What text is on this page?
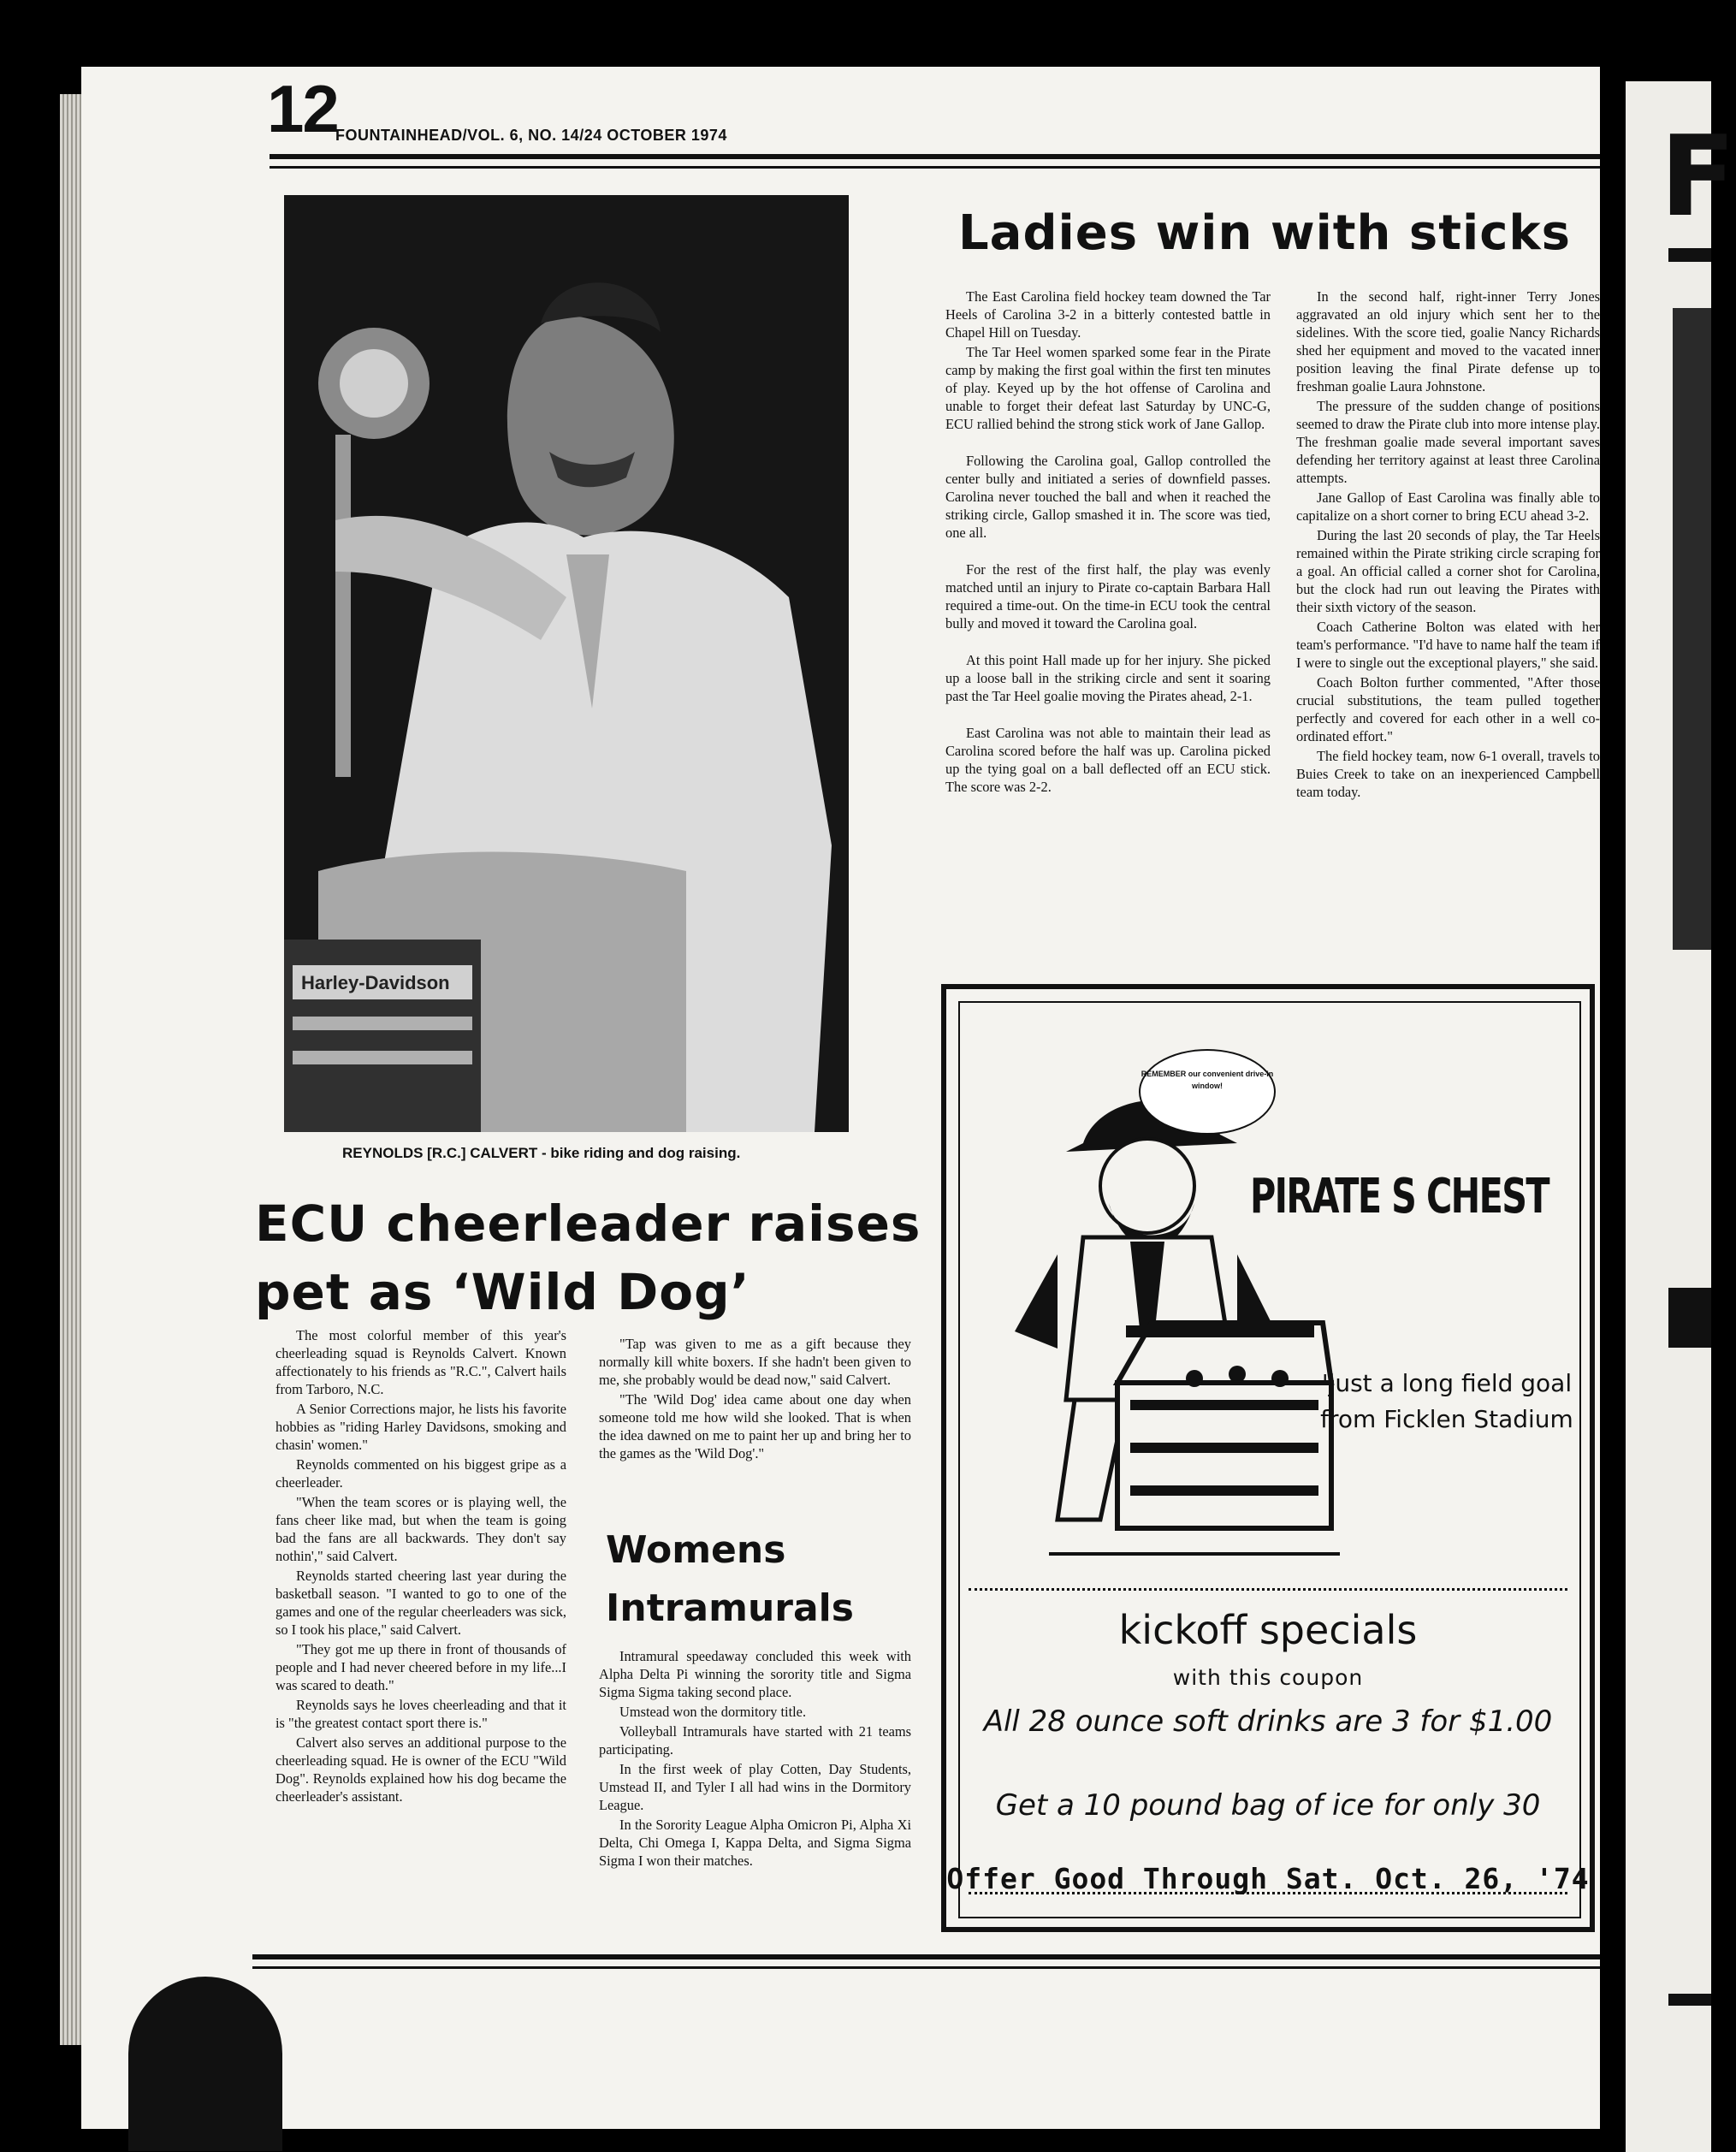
F
12
FOUNTAINHEAD/VOL. 6, NO. 14/24 OCTOBER 1974
Harley-Davidson
REYNOLDS [R.C.] CALVERT - bike riding and dog raising.
Ladies win with sticks

The East Carolina field hockey team downed the Tar Heels of Carolina 3-2 in a bitterly contested battle in Chapel Hill on Tuesday.

The Tar Heel women sparked some fear in the Pirate camp by making the first goal within the first ten minutes of play. Keyed up by the hot offense of Carolina and unable to forget their defeat last Saturday by UNC-G, ECU rallied behind the strong stick work of Jane Gallop.

Following the Carolina goal, Gallop controlled the center bully and initiated a series of downfield passes. Carolina never touched the ball and when it reached the striking circle, Gallop smashed it in. The score was tied, one all.

For the rest of the first half, the play was evenly matched until an injury to Pirate co-captain Barbara Hall required a time-out. On the time-in ECU took the central bully and moved it toward the Carolina goal.

At this point Hall made up for her injury. She picked up a loose ball in the striking circle and sent it soaring past the Tar Heel goalie moving the Pirates ahead, 2-1.

East Carolina was not able to maintain their lead as Carolina scored before the half was up. Carolina picked up the tying goal on a ball deflected off an ECU stick. The score was 2-2.

In the second half, right-inner Terry Jones aggravated an old injury which sent her to the sidelines. With the score tied, goalie Nancy Richards shed her equipment and moved to the vacated inner position leaving the final Pirate defense up to freshman goalie Laura Johnstone.

The pressure of the sudden change of positions seemed to draw the Pirate club into more intense play. The freshman goalie made several important saves defending her territory against at least three Carolina attempts.

Jane Gallop of East Carolina was finally able to capitalize on a short corner to bring ECU ahead 3-2.

During the last 20 seconds of play, the Tar Heels remained within the Pirate striking circle scraping for a goal. An official called a corner shot for Carolina, but the clock had run out leaving the Pirates with their sixth victory of the season.

Coach Catherine Bolton was elated with her team's performance. "I'd have to name half the team if I were to single out the exceptional players," she said.

Coach Bolton further commented, "After those crucial substitutions, the team pulled together perfectly and covered for each other in a well co-ordinated effort."

The field hockey team, now 6-1 overall, travels to Buies Creek to take on an inexperienced Campbell team today.

ECU cheerleader raises pet as ‘Wild Dog’

The most colorful member of this year's cheerleading squad is Reynolds Calvert. Known affectionately to his friends as "R.C.", Calvert hails from Tarboro, N.C.

A Senior Corrections major, he lists his favorite hobbies as "riding Harley Davidsons, smoking and chasin' women."

Reynolds commented on his biggest gripe as a cheerleader.

"When the team scores or is playing well, the fans cheer like mad, but when the team is going bad the fans are all backwards. They don't say nothin'," said Calvert.

Reynolds started cheering last year during the basketball season. "I wanted to go to one of the games and one of the regular cheerleaders was sick, so I took his place," said Calvert.

"They got me up there in front of thousands of people and I had never cheered before in my life...I was scared to death."

Reynolds says he loves cheerleading and that it is "the greatest contact sport there is."

Calvert also serves an additional purpose to the cheerleading squad. He is owner of the ECU "Wild Dog". Reynolds explained how his dog became the cheerleader's assistant.

"Tap was given to me as a gift because they normally kill white boxers. If she hadn't been given to me, she probably would be dead now," said Calvert.

"The 'Wild Dog' idea came about one day when someone told me how wild she looked. That is when the idea dawned on me to paint her up and bring her to the games as the 'Wild Dog'."

Womens Intramurals

Intramural speedaway concluded this week with Alpha Delta Pi winning the sorority title and Sigma Sigma Sigma taking second place.

Umstead won the dormitory title.

Volleyball Intramurals have started with 21 teams participating.

In the first week of play Cotten, Day Students, Umstead II, and Tyler I all had wins in the Dormitory League.

In the Sorority League Alpha Omicron Pi, Alpha Xi Delta, Chi Omega I, Kappa Delta, and Sigma Sigma Sigma I won their matches.

REMEMBER our convenient drive-in window!
PIRATE S CHEST
'just a long field goal from Ficklen Stadium
kickoff specials
with this coupon
All 28 ounce soft drinks are 3 for $1.00
Get a 10 pound bag of ice for only 30
Offer Good Through Sat. Oct. 26, '74
